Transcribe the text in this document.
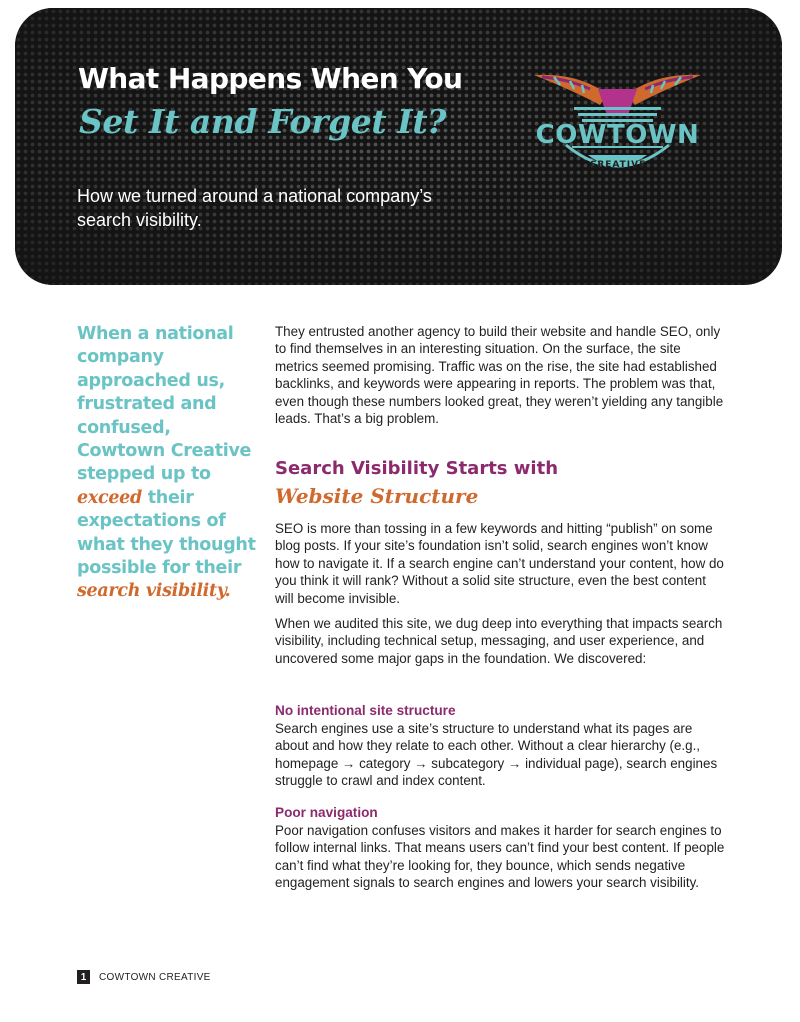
What Happens When You
Set It and Forget It?
How we turned around a national company’s search visibility.
COWTOWN
CREATIVE
When a national company approached us, frustrated and confused, Cowtown Creative stepped up to exceed their expectations of what they thought possible for their search visibility.

They entrusted another agency to build their website and handle SEO, only to find themselves in an interesting situation. On the surface, the site metrics seemed promising. Traffic was on the rise, the site had established backlinks, and keywords were appearing in reports. The problem was that, even though these numbers looked great, they weren’t yielding any tangible leads. That’s a big problem.

Search Visibility Starts with
Website Structure

SEO is more than tossing in a few keywords and hitting “publish” on some blog posts. If your site’s foundation isn’t solid, search engines won’t know how to navigate it. If a search engine can’t understand your content, how do you think it will rank? Without a solid site structure, even the best content will become invisible.

When we audited this site, we dug deep into everything that impacts search visibility, including technical setup, messaging, and user experience, and uncovered some major gaps in the foundation. We discovered:

No intentional site structure

Search engines use a site’s structure to understand what its pages are about and how they relate to each other. Without a clear hierarchy (e.g., homepage → category → subcategory → individual page), search engines struggle to crawl and index content.

Poor navigation

Poor navigation confuses visitors and makes it harder for search engines to follow internal links. That means users can’t find your best content. If people can’t find what they’re looking for, they bounce, which sends negative engagement signals to search engines and lowers your search visibility.

1	COWTOWN CREATIVE
